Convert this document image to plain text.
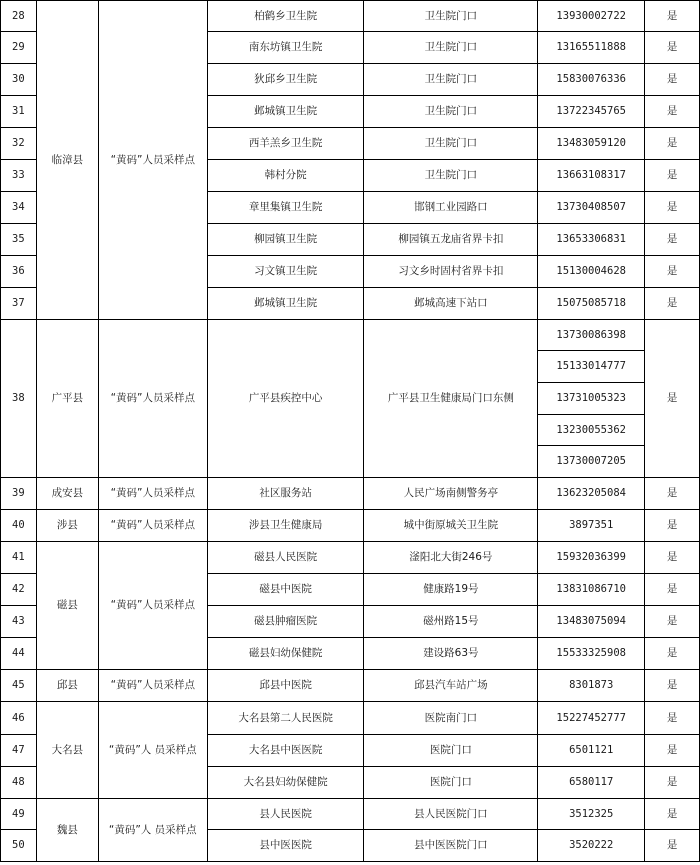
28	临漳县	“黄码”人员采样点	柏鹤乡卫生院	卫生院门口	13930002722	是
29			南东坊镇卫生院	卫生院门口	13165511888	是
30			狄邱乡卫生院	卫生院门口	15830076336	是
31			邺城镇卫生院	卫生院门口	13722345765	是
32			西羊羔乡卫生院	卫生院门口	13483059120	是
33			韩村分院	卫生院门口	13663108317	是
34			章里集镇卫生院	邯钢工业园路口	13730408507	是
35			柳园镇卫生院	柳园镇五龙庙省界卡扣	13653306831	是
36			习文镇卫生院	习文乡时固村省界卡扣	15130004628	是
37			邺城镇卫生院	邺城高速下站口	15075085718	是
38	广平县	“黄码”人员采样点	广平县疾控中心	广平县卫生健康局门口东侧	13730086398	是
					15133014777	
					13731005323	
					13230055362	
					13730007205	
39	成安县	“黄码”人员采样点	社区服务站	人民广场南侧警务亭	13623205084	是
40	涉县	“黄码”人员采样点	涉县卫生健康局	城中街原城关卫生院	3897351	是
41	磁县	“黄码”人员采样点	磁县人民医院	滏阳北大街246号	15932036399	是
42			磁县中医院	健康路19号	13831086710	是
43			磁县肿瘤医院	磁州路15号	13483075094	是
44			磁县妇幼保健院	建设路63号	15533325908	是
45	邱县	“黄码”人员采样点	邱县中医院	邱县汽车站广场	8301873	是
46	大名县	“黄码”人 员采样点	大名县第二人民医院	医院南门口	15227452777	是
47			大名县中医医院	医院门口	6501121	是
48			大名县妇幼保健院	医院门口	6580117	是
49	魏县	“黄码”人 员采样点	县人民医院	县人民医院门口	3512325	是
50			县中医医院	县中医医院门口	3520222	是
